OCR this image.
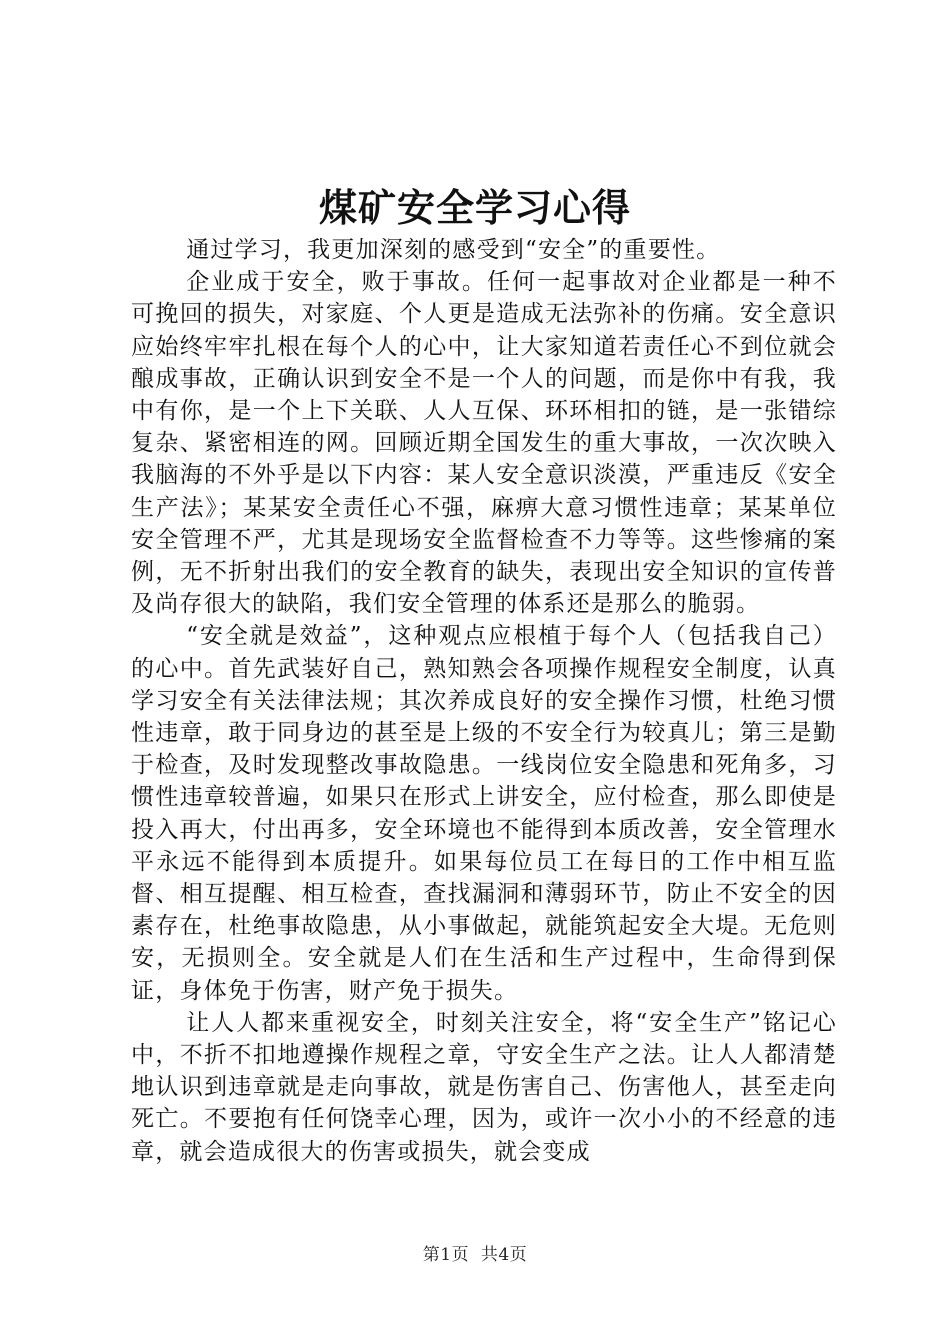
煤矿安全学习心得

通过学习，我更加深刻的感受到“安全”的重要性。

企业成于安全，败于事故。任何一起事故对企业都是一种不可挽回的损失，对家庭、个人更是造成无法弥补的伤痛。安全意识应始终牢牢扎根在每个人的心中，让大家知道若责任心不到位就会酿成事故，正确认识到安全不是一个人的问题，而是你中有我，我中有你，是一个上下关联、人人互保、环环相扣的链，是一张错综复杂、紧密相连的网。回顾近期全国发生的重大事故，一次次映入我脑海的不外乎是以下内容：某人安全意识淡漠，严重违反《安全生产法》；某某安全责任心不强，麻痹大意习惯性违章；某某单位安全管理不严，尤其是现场安全监督检查不力等等。这些惨痛的案例，无不折射出我们的安全教育的缺失，表现出安全知识的宣传普及尚存很大的缺陷，我们安全管理的体系还是那么的脆弱。

“安全就是效益”，这种观点应根植于每个人（包括我自己）的心中。首先武装好自己，熟知熟会各项操作规程安全制度，认真学习安全有关法律法规；其次养成良好的安全操作习惯，杜绝习惯性违章，敢于同身边的甚至是上级的不安全行为较真儿；第三是勤于检查，及时发现整改事故隐患。一线岗位安全隐患和死角多，习惯性违章较普遍，如果只在形式上讲安全，应付检查，那么即使是投入再大，付出再多，安全环境也不能得到本质改善，安全管理水平永远不能得到本质提升。如果每位员工在每日的工作中相互监督、相互提醒、相互检查，查找漏洞和薄弱环节，防止不安全的因素存在，杜绝事故隐患，从小事做起，就能筑起安全大堤。无危则安，无损则全。安全就是人们在生活和生产过程中，生命得到保证，身体免于伤害，财产免于损失。

让人人都来重视安全，时刻关注安全，将“安全生产”铭记心中，不折不扣地遵操作规程之章，守安全生产之法。让人人都清楚地认识到违章就是走向事故，就是伤害自己、伤害他人，甚至走向死亡。不要抱有任何饶幸心理，因为，或许一次小小的不经意的违章，就会造成很大的伤害或损失，就会变成

第1页  共4页
